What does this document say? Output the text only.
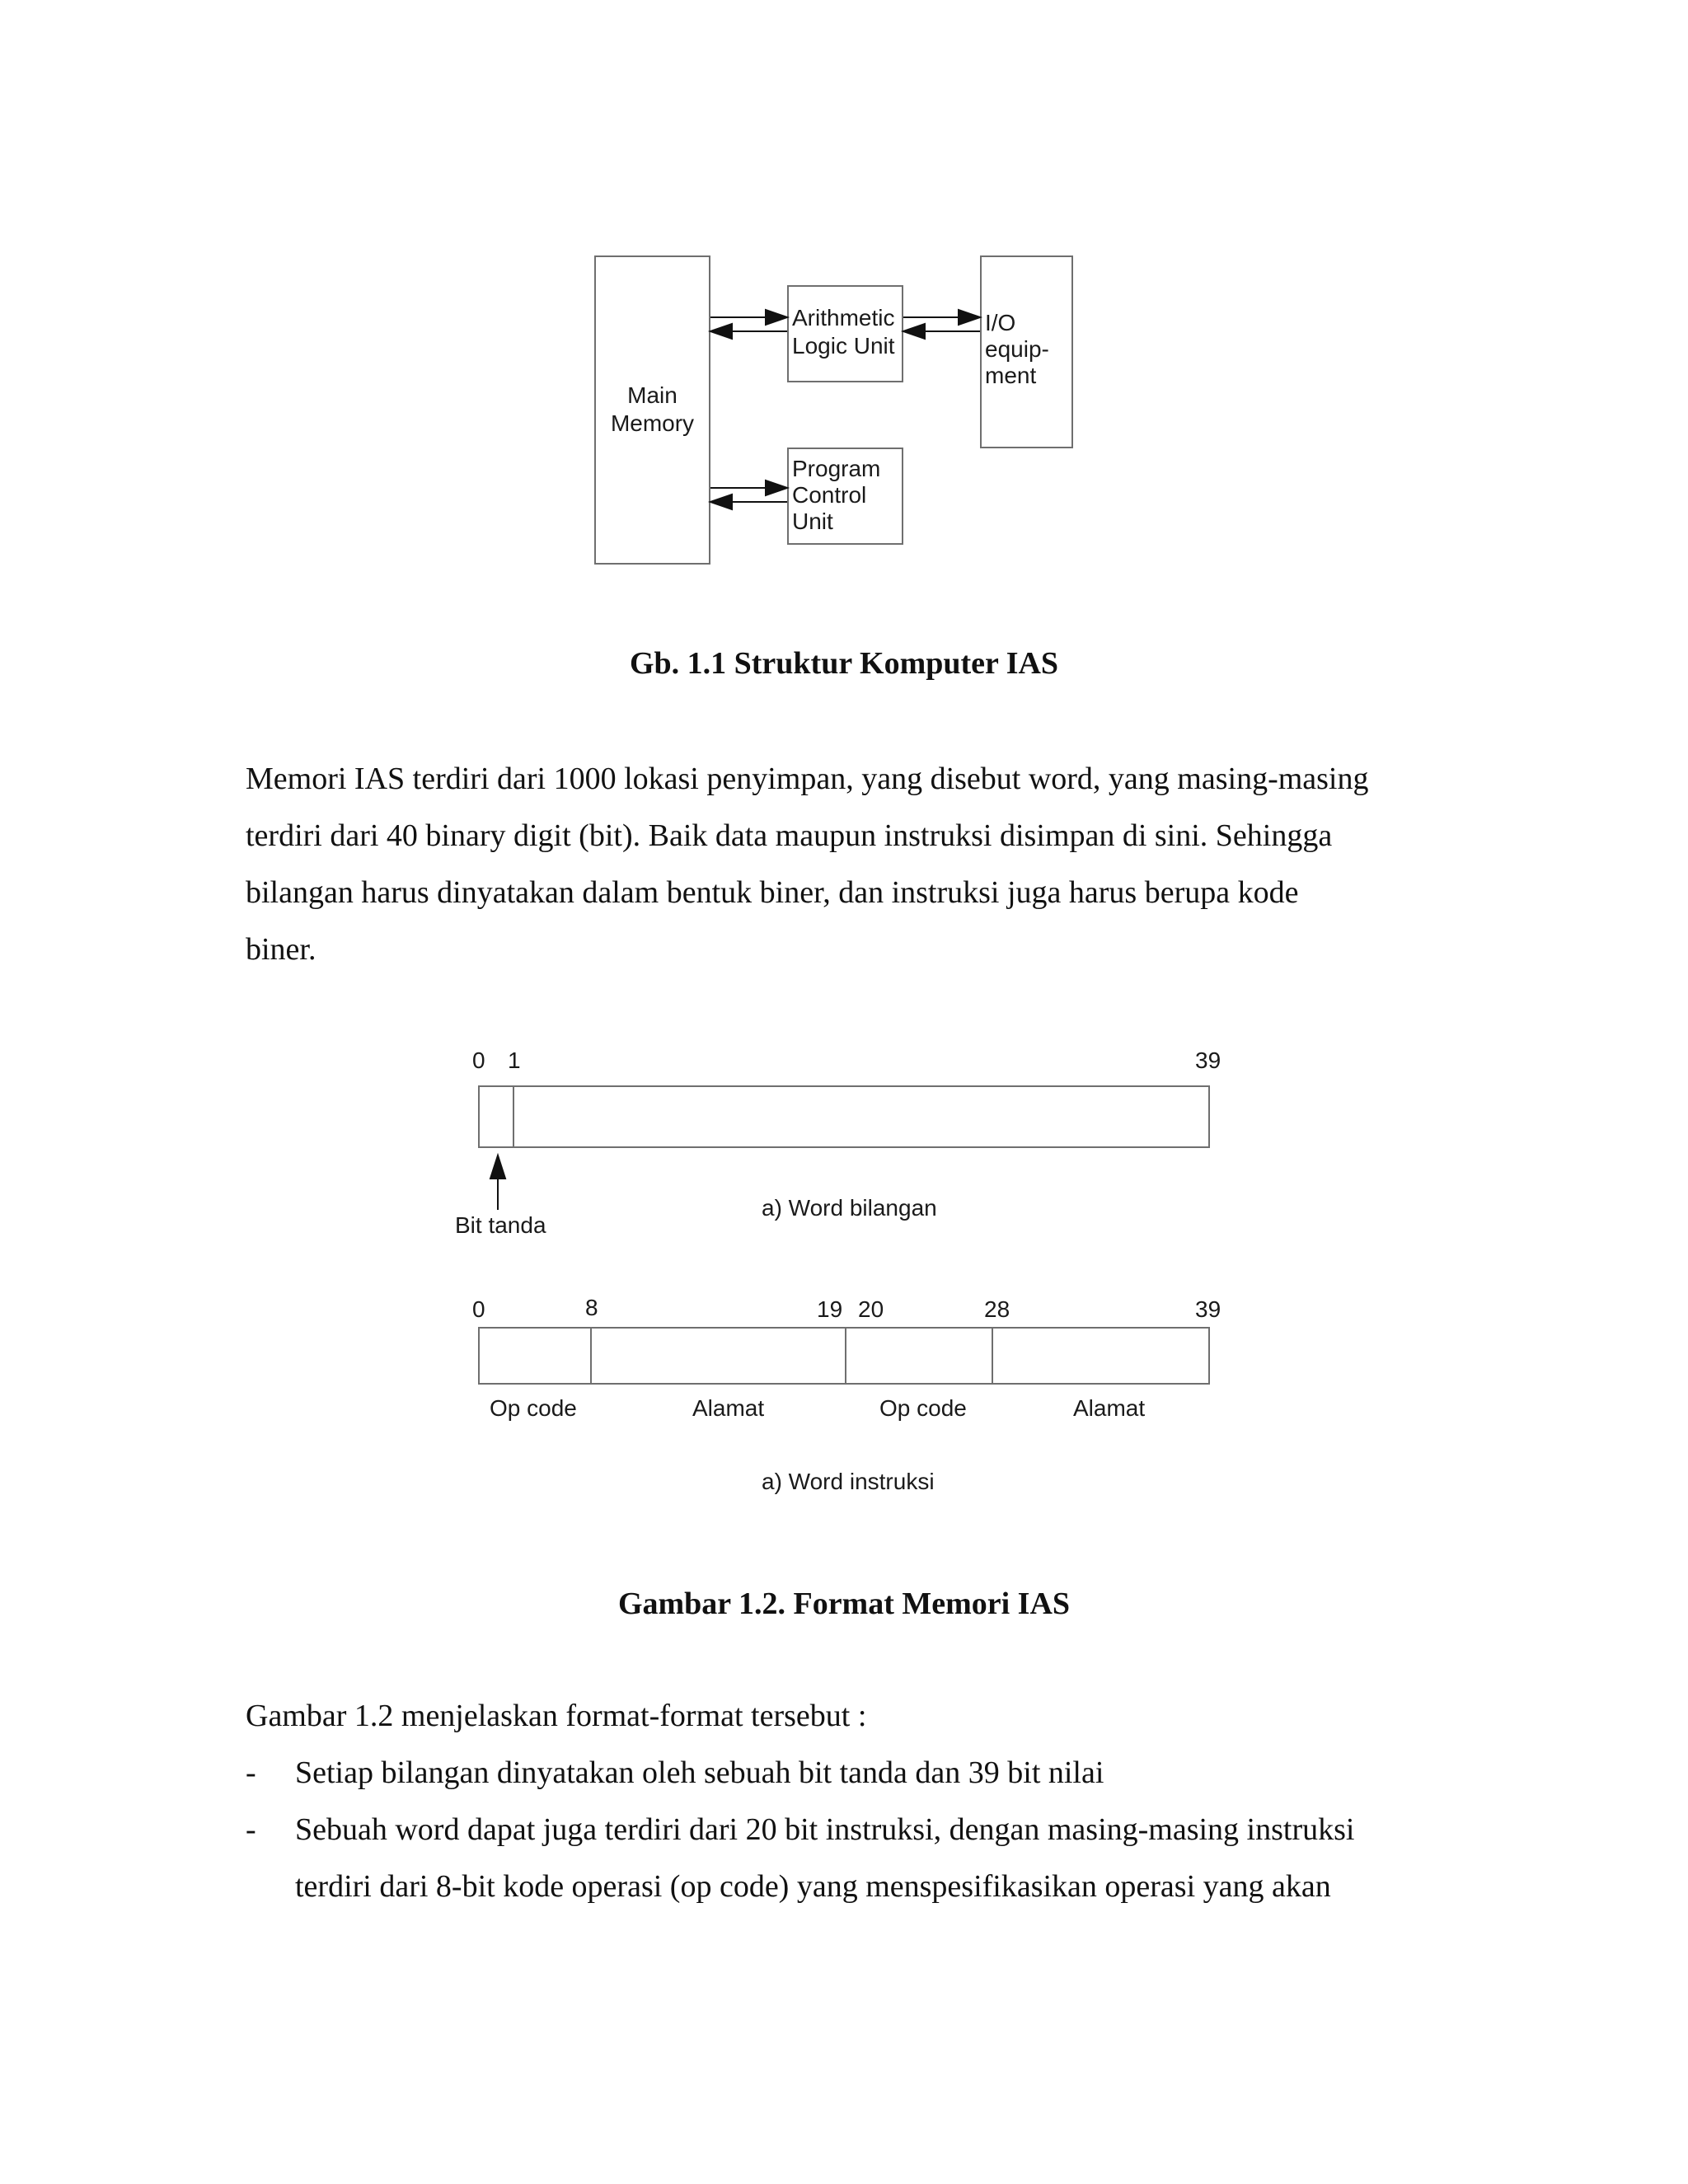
Main
Memory
Arithmetic
Logic Unit
I/O
equip-
ment
Program
Control
Unit
Gb. 1.1 Struktur Komputer IAS
Memori IAS terdiri dari 1000 lokasi penyimpan, yang disebut word, yang masing-masing
terdiri dari 40 binary digit (bit). Baik data maupun instruksi disimpan di sini. Sehingga
bilangan harus dinyatakan dalam bentuk biner, dan instruksi juga harus berupa kode
biner.
0 1	39
Bit tanda
a) Word bilangan
0	8	19 20	28	39
Op code	Alamat	Op code	Alamat
a) Word instruksi
Gambar 1.2. Format Memori IAS
Gambar 1.2 menjelaskan format-format tersebut :
- Setiap bilangan dinyatakan oleh sebuah bit tanda dan 39 bit nilai
- Sebuah word dapat juga terdiri dari 20 bit instruksi, dengan masing-masing instruksi
terdiri dari 8-bit kode operasi (op code) yang menspesifikasikan operasi yang akan
